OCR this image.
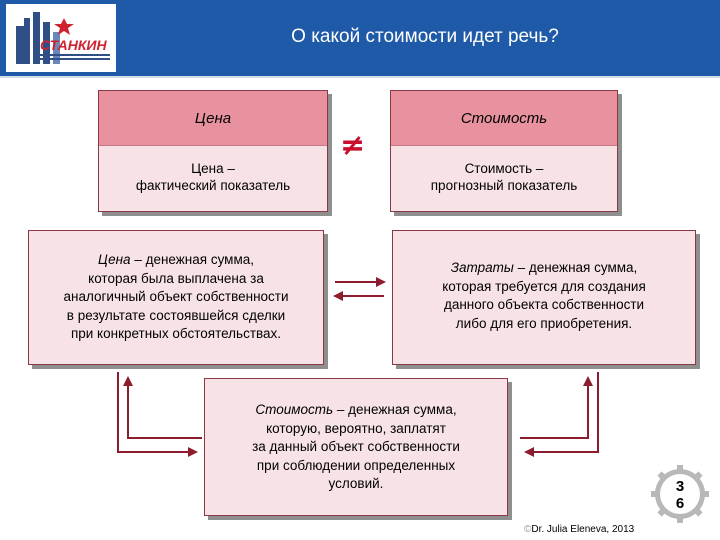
СТАНКИН	О какой стоимости идет речь?
Цена
Цена –
фактический показатель
≠
Стоимость
Стоимость –
прогнозный показатель
Цена – денежная сумма,
которая была выплачена за
аналогичный объект собственности
в результате состоявшейся сделки
при конкретных обстоятельствах.
Затраты – денежная сумма,
которая требуется для создания
данного объекта собственности
либо для его приобретения.
Стоимость – денежная сумма,
которую, вероятно, заплатят
за данный объект собственности
при соблюдении определенных
условий.	3
6
©Dr. Julia Eleneva, 2013
